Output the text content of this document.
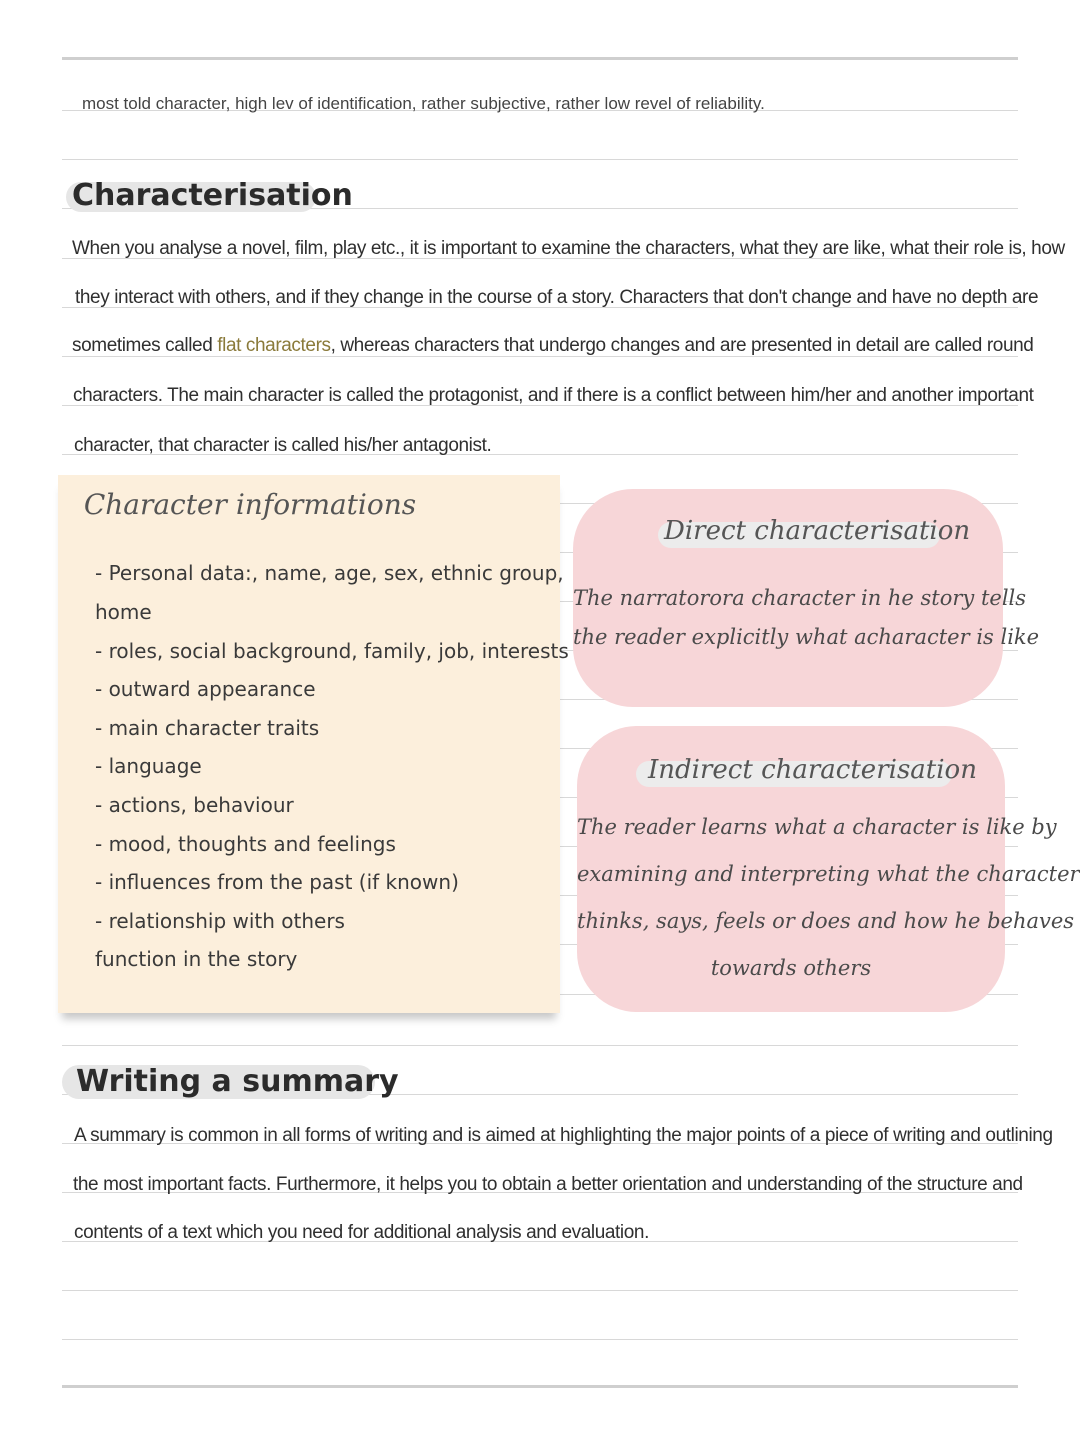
most told character, high lev of identification, rather subjective, rather low revel of reliability.
Characterisation
When you analyse a novel, film, play etc., it is important to examine the characters, what they are like, what their role is, how
they interact with others, and if they change in the course of a story. Characters that don't change and have no depth are
sometimes called flat characters, whereas characters that undergo changes and are presented in detail are called round
characters. The main character is called the protagonist, and if there is a conflict between him/her and another important
character, that character is called his/her antagonist.
Character informations
- Personal data:, name, age, sex, ethnic group,
home
- roles, social background, family, job, interests
- outward appearance
- main character traits
- language
- actions, behaviour
- mood, thoughts and feelings
- influences from the past (if known)
- relationship with others
function in the story
Direct characterisation
The narratorora character in he story tells
the reader explicitly what acharacter is like
Indirect characterisation
The reader learns what a character is like by
examining and interpreting what the character
thinks, says, feels or does and how he behaves
towards others
Writing a summary
A summary is common in all forms of writing and is aimed at highlighting the major points of a piece of writing and outlining
the most important facts. Furthermore, it helps you to obtain a better orientation and understanding of the structure and
contents of a text which you need for additional analysis and evaluation.
